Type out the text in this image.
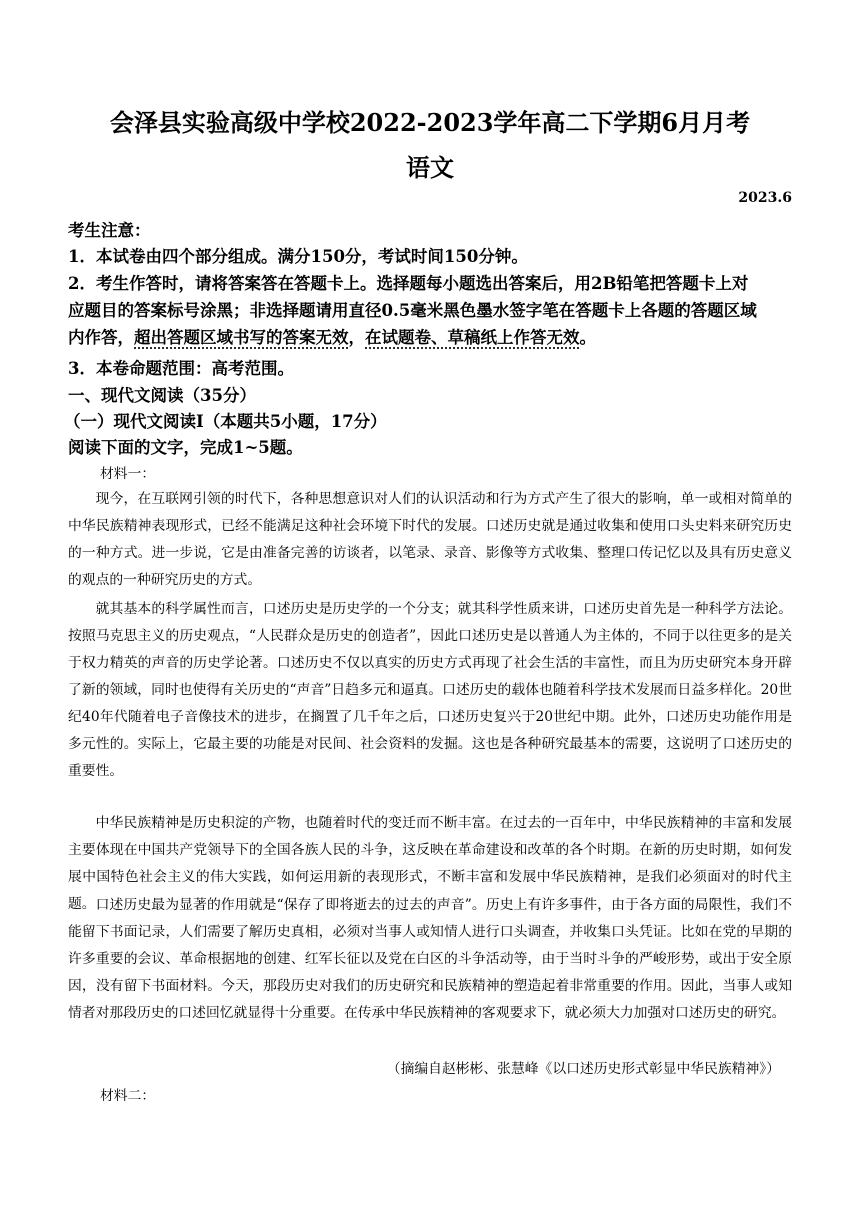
会泽县实验高级中学校2022-2023学年高二下学期6月月考
语文
2023.6
考生注意：
1．本试卷由四个部分组成。满分150分，考试时间150分钟。
2．考生作答时，请将答案答在答题卡上。选择题每小题选出答案后，用2B铅笔把答题卡上对
应题目的答案标号涂黑；非选择题请用直径0.5毫米黑色墨水签字笔在答题卡上各题的答题区域
内作答，超出答题区域书写的答案无效，在试题卷、草稿纸上作答无效。
3．本卷命题范围：高考范围。
一、现代文阅读（35分）
（一）现代文阅读Ⅰ（本题共5小题，17分）
阅读下面的文字，完成1~5题。
材料一：

现今，在互联网引领的时代下，各种思想意识对人们的认识活动和行为方式产生了很大的影响，单一或相对简单的中华民族精神表现形式，已经不能满足这种社会环境下时代的发展。口述历史就是通过收集和使用口头史料来研究历史的一种方式。进一步说，它是由准备完善的访谈者，以笔录、录音、影像等方式收集、整理口传记忆以及具有历史意义的观点的一种研究历史的方式。

就其基本的科学属性而言，口述历史是历史学的一个分支；就其科学性质来讲，口述历史首先是一种科学方法论。按照马克思主义的历史观点，“人民群众是历史的创造者”，因此口述历史是以普通人为主体的，不同于以往更多的是关于权力精英的声音的历史学论著。口述历史不仅以真实的历史方式再现了社会生活的丰富性，而且为历史研究本身开辟了新的领域，同时也使得有关历史的“声音”日趋多元和逼真。口述历史的载体也随着科学技术发展而日益多样化。20世纪40年代随着电子音像技术的进步，在搁置了几千年之后，口述历史复兴于20世纪中期。此外，口述历史功能作用是多元性的。实际上，它最主要的功能是对民间、社会资料的发掘。这也是各种研究最基本的需要，这说明了口述历史的重要性。

中华民族精神是历史积淀的产物，也随着时代的变迁而不断丰富。在过去的一百年中，中华民族精神的丰富和发展主要体现在中国共产党领导下的全国各族人民的斗争，这反映在革命建设和改革的各个时期。在新的历史时期，如何发展中国特色社会主义的伟大实践，如何运用新的表现形式，不断丰富和发展中华民族精神，是我们必须面对的时代主题。 口述历史最为显著的作用就是“保存了即将逝去的过去的声音”。历史上有许多事件，由于各方面的局限性，我们不能留下书面记录，人们需要了解历史真相，必须对当事人或知情人进行口头调查，并收集口头凭证。比如在党的早期的许多重要的会议、革命根据地的创建、红军长征以及党在白区的斗争活动等，由于当时斗争的严峻形势，或出于安全原因，没有留下书面材料。今天，那段历史对我们的历史研究和民族精神的塑造起着非常重要的作用。因此，当事人或知情者对那段历史的口述回忆就显得十分重要。在传承中华民族精神的客观要求下，就必须大力加强对口述历史的研究。

（摘编自赵彬彬、张慧峰《以口述历史形式彰显中华民族精神》）
材料二：
